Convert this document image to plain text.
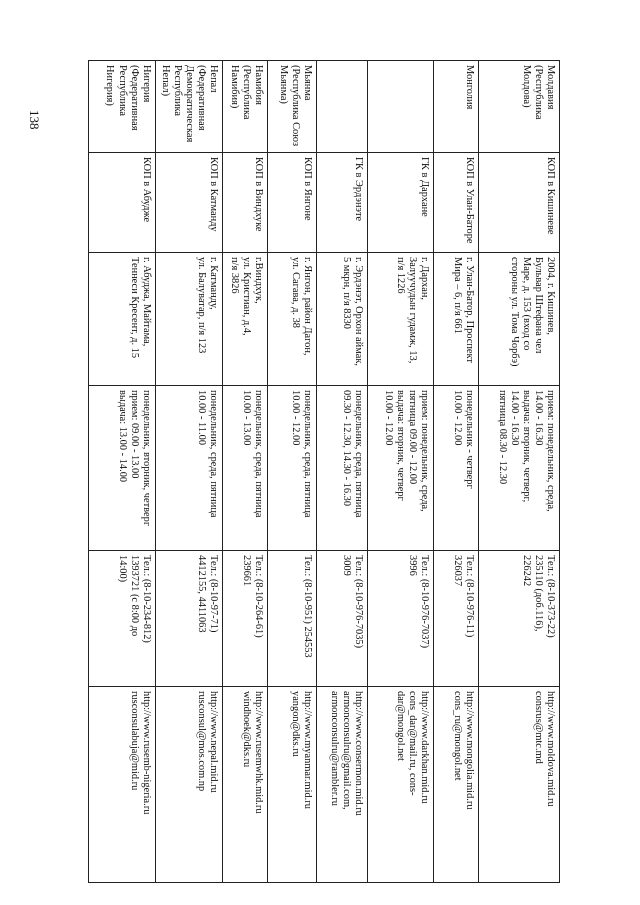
138
Молдавия
(Республика
Молдова)	КОП в Кишиневе	2004, г. Кишинев,
Бульвар Штефана чел
Маре, д. 153 (вход со
стороны ул. Тома Чорбэ)	прием: понедельник, среда,
14.00 - 16.30
выдача: вторник, четверг,
14.00 - 16.30
пятница 08.30 - 12.30	Тел.: (8-10-373-22)
235110 (доб.116),
226242	http://www.moldova.mid.ru
consrus@mtc.md
Монголия	КОП в Улан-Баторе	г. Улан-Батор, Проспект
Мира – 6, п/я 661	понедельник - четверг
10.00 - 12.00	Тел.: (8-10-976-11)
326037	http://www.mongolia.mid.ru
cons_ru@mongol.net
	ГК в Дархане	г. Дархан,
Залуучудын гудамж, 13,
п/я 1226	прием: понедельник, среда,
пятница 09.00 - 12.00
выдача: вторник, четверг
10.00 - 12.00	Тел.: (8-10-976-7037)
3996	http://www.darkhan.mid.ru
cons_dar@mail.ru, cons-
dar@mongol.net
	ГК в Эрдэнэте	г. Эрдэнэт, Орхон аймак,
5 мкрн, п/я 8330	понедельник, среда, пятница
09.30 - 12.30, 14.30 - 16.30	Тел.: (8-10-976-7035)
3009	http://www.consermon.mid.ru
armonconsulru@gmail.com,
armonconsulru@rambler.ru
Мьянма
(Республика Союз
Мьянма)	КОП в Янгоне	г. Янгон, район Дагон,
ул. Сагава, д. 38	понедельник, среда, пятница
10.00 - 12.00	Тел.: (8-10-951) 254553	http://www.myanmar.mid.ru
yangon@dks.ru
Намибия
(Республика
Намибия)	КОП в Виндхуке	г.Виндхук,
ул. Кристиан, д.4,
п/я 3826	понедельник, среда, пятница
10.00 - 13.00	Тел.: (8-10-264-61)
239661	http://www.rusemwhk.mid.ru
windhoek@dks.ru
Непал
(Федеративная
Демократическая
Республика Непал)	КОП в Катманду	г. Катманду,
ул. Балуватар, п/я 123	понедельник, среда, пятница
10.00 - 11.00	Тел.: (8-10-97-71)
4412155, 4411063	http://www.nepal.mid.ru
rusconsul@mos.com.np
Нигерия
(Федеративная
Республика
Нигерия)	КОП в Абудже	г. Абуджа, Майтама,
Теннеси Кресент, д. 15	понедельник, вторник, четверг
прием: 09.00 - 13.00
выдача: 13.00 - 14.00	Тел.: (8-10-234-812)
1393721 (с 8:00 до
14:00)	http://www.rusemb-nigeria.ru
rusconsulabuja@mid.ru
